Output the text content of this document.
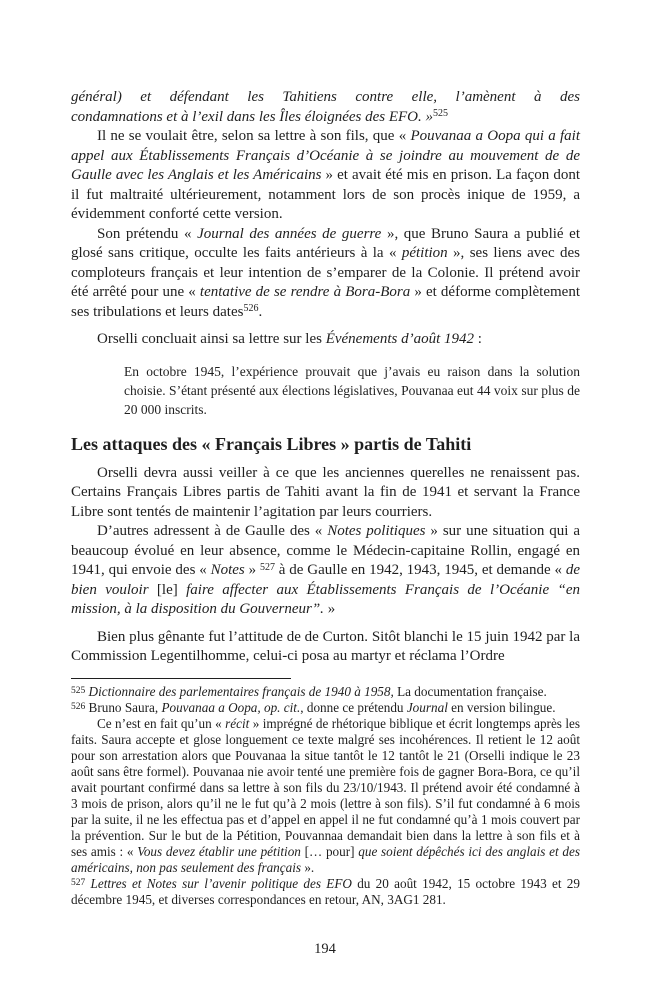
général) et défendant les Tahitiens contre elle, l’amènent à des

condamnations et à l’exil dans les Îles éloignées des EFO. »$^{525}$

Il ne se voulait être, selon sa lettre à son fils, que « Pouvanaa a Oopa qui a fait appel aux Établissements Français d’Océanie à se joindre au mouvement de de Gaulle avec les Anglais et les Américains » et avait été mis en prison. La façon dont il fut maltraité ultérieurement, notamment lors de son procès inique de 1959, a évidemment conforté cette version.

Son prétendu « Journal des années de guerre », que Bruno Saura a publié et glosé sans critique, occulte les faits antérieurs à la « pétition », ses liens avec des comploteurs français et leur intention de s’emparer de la Colonie. Il prétend avoir été arrêté pour une « tentative de se rendre à Bora-Bora » et déforme complètement ses tribulations et leurs dates$^{526}$.

Orselli concluait ainsi sa lettre sur les Événements d’août 1942 :

En octobre 1945, l’expérience prouvait que j’avais eu raison dans la solution choisie. S’étant présenté aux élections législatives, Pouvanaa eut 44 voix sur plus de 20 000 inscrits.

Les attaques des « Français Libres » partis de Tahiti

Orselli devra aussi veiller à ce que les anciennes querelles ne renaissent pas. Certains Français Libres partis de Tahiti avant la fin de 1941 et servant la France Libre sont tentés de maintenir l’agitation par leurs courriers.

D’autres adressent à de Gaulle des « Notes politiques » sur une situation qui a beaucoup évolué en leur absence, comme le Médecin-capitaine Rollin, engagé en 1941, qui envoie des « Notes » $^{527}$ à de Gaulle en 1942, 1943, 1945, et demande « de bien vouloir [le] faire affecter aux Établissements Français de l’Océanie “en mission, à la disposition du Gouverneur”. »

Bien plus gênante fut l’attitude de de Curton. Sitôt blanchi le 15 juin 1942 par la Commission Legentilhomme, celui-ci posa au martyr et réclama l’Ordre

$^{525}$ Dictionnaire des parlementaires français de 1940 à 1958, La documentation française.

$^{526}$ Bruno Saura, Pouvanaa a Oopa, op. cit., donne ce prétendu Journal en version bilingue.

Ce n’est en fait qu’un « récit » imprégné de rhétorique biblique et écrit longtemps après les faits. Saura accepte et glose longuement ce texte malgré ses incohérences. Il retient le 12 août pour son arrestation alors que Pouvanaa la situe tantôt le 12 tantôt le 21 (Orselli indique le 23 août sans être formel). Pouvanaa nie avoir tenté une première fois de gagner Bora-Bora, ce qu’il avait pourtant confirmé dans sa lettre à son fils du 23/10/1943. Il prétend avoir été condamné à 3 mois de prison, alors qu’il ne le fut qu’à 2 mois (lettre à son fils). S’il fut condamné à 6 mois par la suite, il ne les effectua pas et d’appel en appel il ne fut condamné qu’à 1 mois couvert par la prévention. Sur le but de la Pétition, Pouvannaa demandait bien dans la lettre à son fils et à ses amis : « Vous devez établir une pétition [… pour] que soient dépêchés ici des anglais et des américains, non pas seulement des français ».

$^{527}$ Lettres et Notes sur l’avenir politique des EFO du 20 août 1942, 15 octobre 1943 et 29 décembre 1945, et diverses correspondances en retour, AN, 3AG1 281.

194
